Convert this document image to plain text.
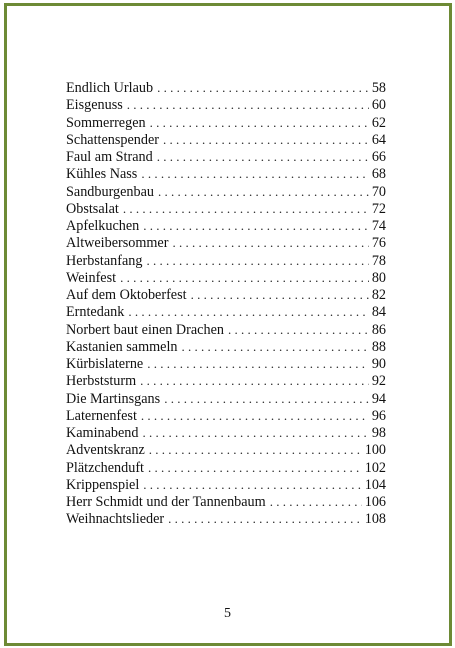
Endlich Urlaub . . .	58
Eisgenuss . . .	60
Sommerregen . . .	62
Schattenspender . . .	64
Faul am Strand . . .	66
Kühles Nass . . .	68
Sandburgenbau . . .	70
Obstsalat . . .	72
Apfelkuchen . . .	74
Altweibersommer . . .	76
Herbstanfang . . .	78
Weinfest . . .	80
Auf dem Oktoberfest . . .	82
Erntedank . . .	84
Norbert baut einen Drachen . . .	86
Kastanien sammeln . . .	88
Kürbislaterne . . .	90
Herbststurm . . .	92
Die Martinsgans . . .	94
Laternenfest . . .	96
Kaminabend . . .	98
Adventskranz . . .	100
Plätzchenduft . . .	102
Krippenspiel . . .	104
Herr Schmidt und der Tannenbaum . . .	106
Weihnachtslieder . . .	108
5
